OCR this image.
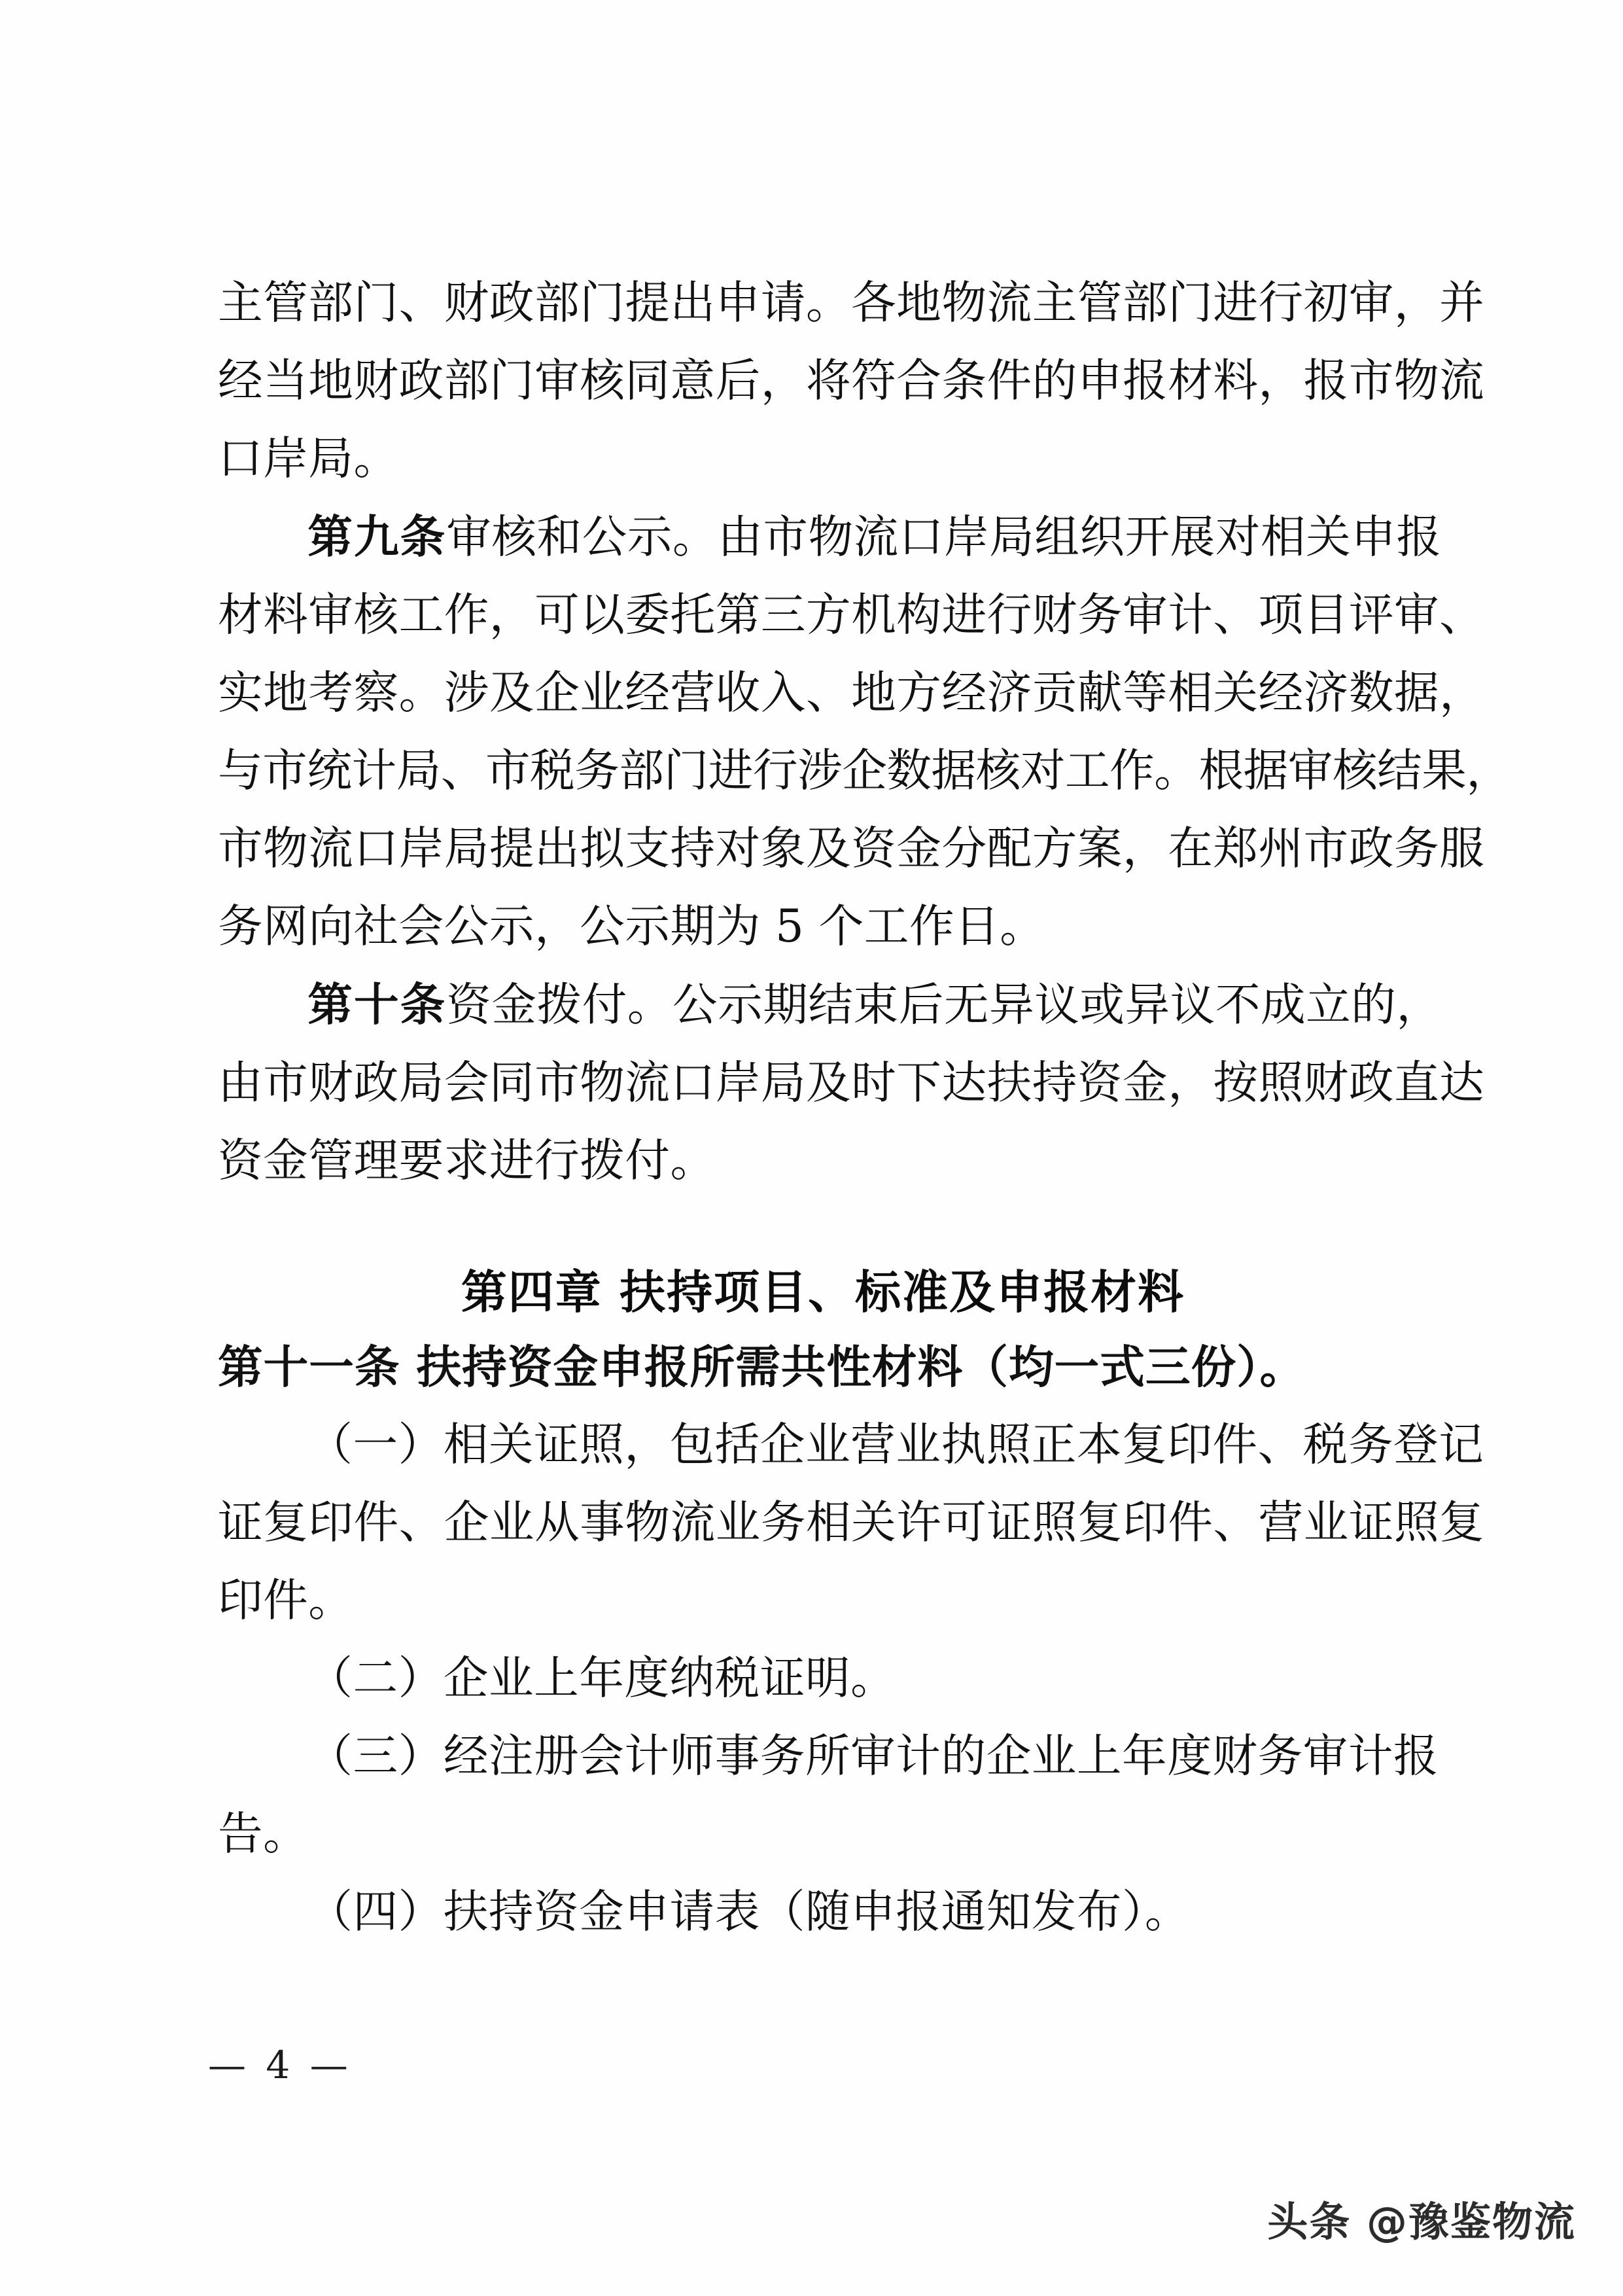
主管部门、财政部门提出申请。各地物流主管部门进行初审，并
经当地财政部门审核同意后，将符合条件的申报材料，报市物流
口岸局。
第九条审核和公示。由市物流口岸局组织开展对相关申报
材料审核工作，可以委托第三方机构进行财务审计、项目评审、
实地考察。涉及企业经营收入、地方经济贡献等相关经济数据，
与市统计局、市税务部门进行涉企数据核对工作。根据审核结果，
市物流口岸局提出拟支持对象及资金分配方案，在郑州市政务服
务网向社会公示，公示期为 5 个工作日。
第十条资金拨付。公示期结束后无异议或异议不成立的，
由市财政局会同市物流口岸局及时下达扶持资金，按照财政直达
资金管理要求进行拨付。
第四章 扶持项目、标准及申报材料
第十一条 扶持资金申报所需共性材料（均一式三份）。
（一）相关证照，包括企业营业执照正本复印件、税务登记
证复印件、企业从事物流业务相关许可证照复印件、营业证照复
印件。
（二）企业上年度纳税证明。
（三）经注册会计师事务所审计的企业上年度财务审计报
告。
（四）扶持资金申请表（随申报通知发布）。
— 4 —
头条 @豫鉴物流
